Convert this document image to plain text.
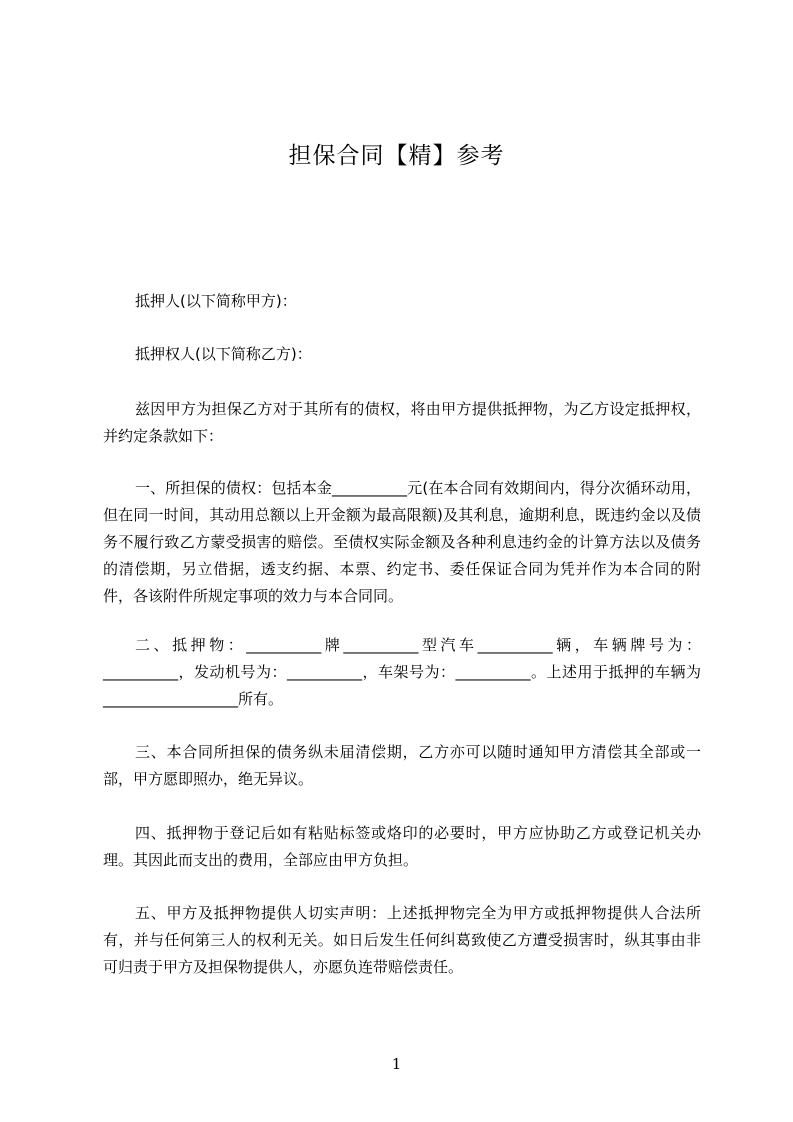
担保合同【精】参考

抵押人(以下简称甲方)：

抵押权人(以下简称乙方)：

兹因甲方为担保乙方对于其所有的债权，将由甲方提供抵押物，为乙方设定抵押权，并约定条款如下：

一、所担保的债权：包括本金__________元(在本合同有效期间内，得分次循环动用，但在同一时间，其动用总额以上开金额为最高限额)及其利息，逾期利息，既违约金以及债务不履行致乙方蒙受损害的赔偿。至债权实际金额及各种利息违约金的计算方法以及债务的清偿期，另立借据，透支约据、本票、约定书、委任保证合同为凭并作为本合同的附件，各该附件所规定事项的效力与本合同同。

二、抵押物：__________牌__________型汽车__________辆，车辆牌号为：__________，发动机号为：__________，车架号为：__________。上述用于抵押的车辆为__________________所有。

三、本合同所担保的债务纵未届清偿期，乙方亦可以随时通知甲方清偿其全部或一部，甲方愿即照办，绝无异议。

四、抵押物于登记后如有粘贴标签或烙印的必要时，甲方应协助乙方或登记机关办理。其因此而支出的费用，全部应由甲方负担。

五、甲方及抵押物提供人切实声明：上述抵押物完全为甲方或抵押物提供人合法所有，并与任何第三人的权利无关。如日后发生任何纠葛致使乙方遭受损害时，纵其事由非可归责于甲方及担保物提供人，亦愿负连带赔偿责任。

1
